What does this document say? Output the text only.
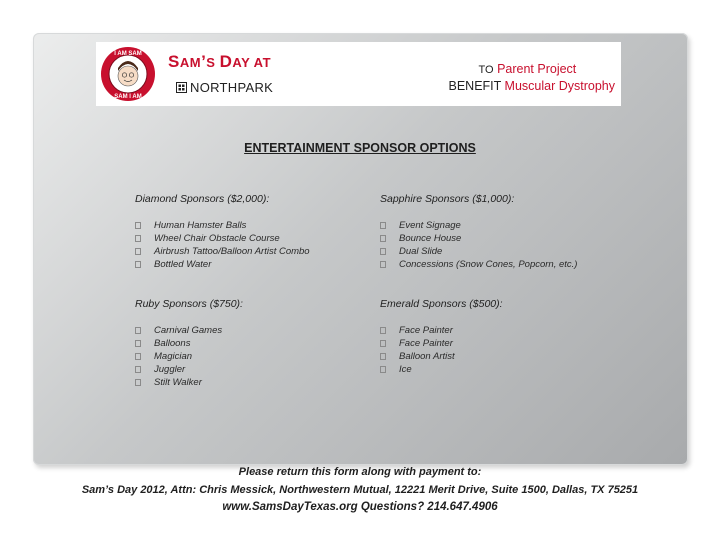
I AM SAM
SAM I AM
SAM’S DAY AT
NORTHPARK
TO Parent Project
BENEFIT Muscular Dystrophy
ENTERTAINMENT SPONSOR OPTIONS
Diamond Sponsors ($2,000):
Human Hamster Balls
Wheel Chair Obstacle Course
Airbrush Tattoo/Balloon Artist Combo
Bottled Water
Sapphire Sponsors ($1,000):
Event Signage
Bounce House
Dual Slide
Concessions (Snow Cones, Popcorn, etc.)
Ruby Sponsors ($750):
Carnival Games
Balloons
Magician
Juggler
Stilt Walker
Emerald Sponsors ($500):
Face Painter
Face Painter
Balloon Artist
Ice
Please return this form along with payment to:
Sam’s Day 2012, Attn: Chris Messick, Northwestern Mutual, 12221 Merit Drive, Suite 1500, Dallas, TX 75251
www.SamsDayTexas.org Questions? 214.647.4906
